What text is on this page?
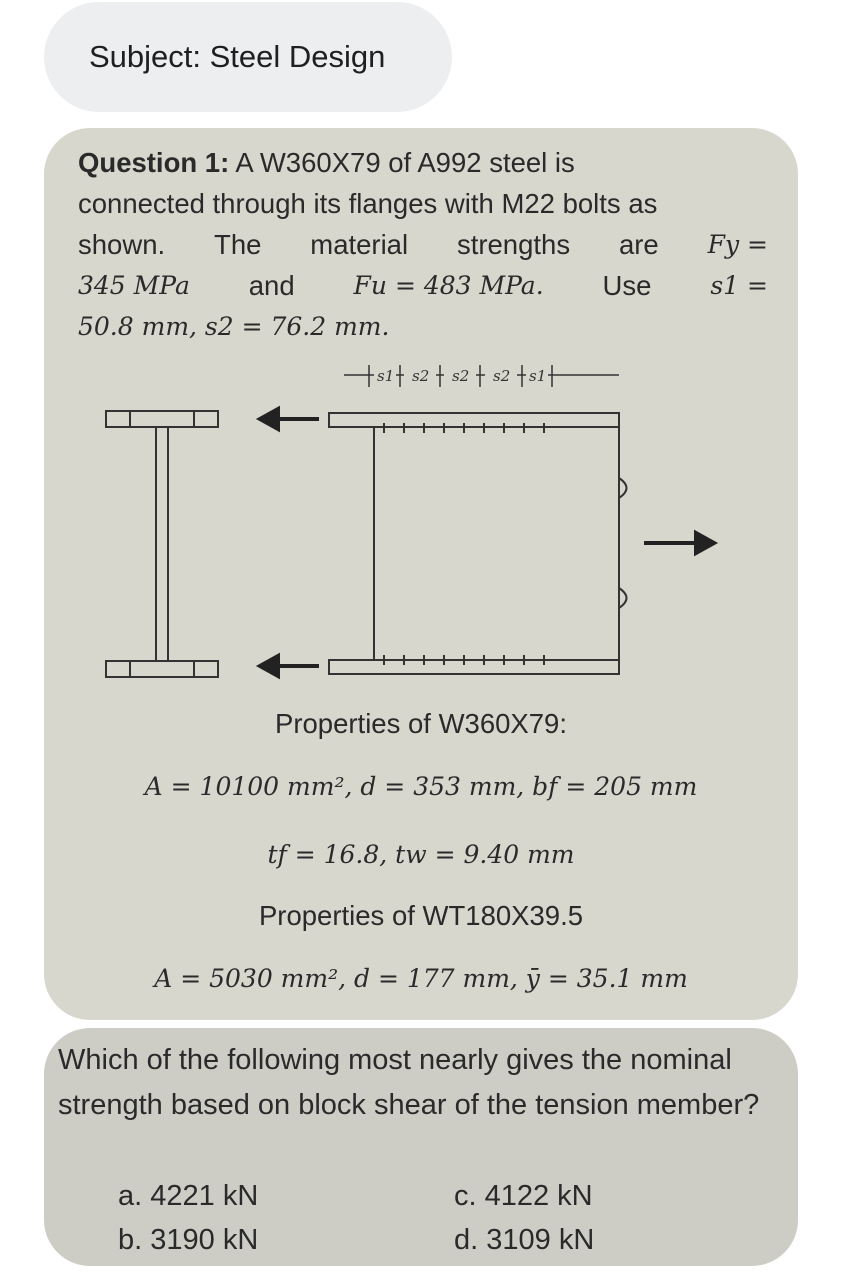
Subject: Steel Design
Question 1: A W360X79 of A992 steel is
connected through its flanges with M22 bolts as
shown. The material strengths are Fy =
345 MPa and Fu = 483 MPa. Use s1 =
50.8 mm, s2 = 76.2 mm.
s1 s2 s2 s2 s1
Properties of W360X79:
A = 10100 mm², d = 353 mm, bf = 205 mm
tf = 16.8, tw = 9.40 mm
Properties of WT180X39.5
A = 5030 mm², d = 177 mm, ȳ = 35.1 mm
Which of the following most nearly gives the nominal strength based on block shear of the tension member?
a. 4221 kN
b. 3190 kN
c. 4122 kN
d. 3109 kN
